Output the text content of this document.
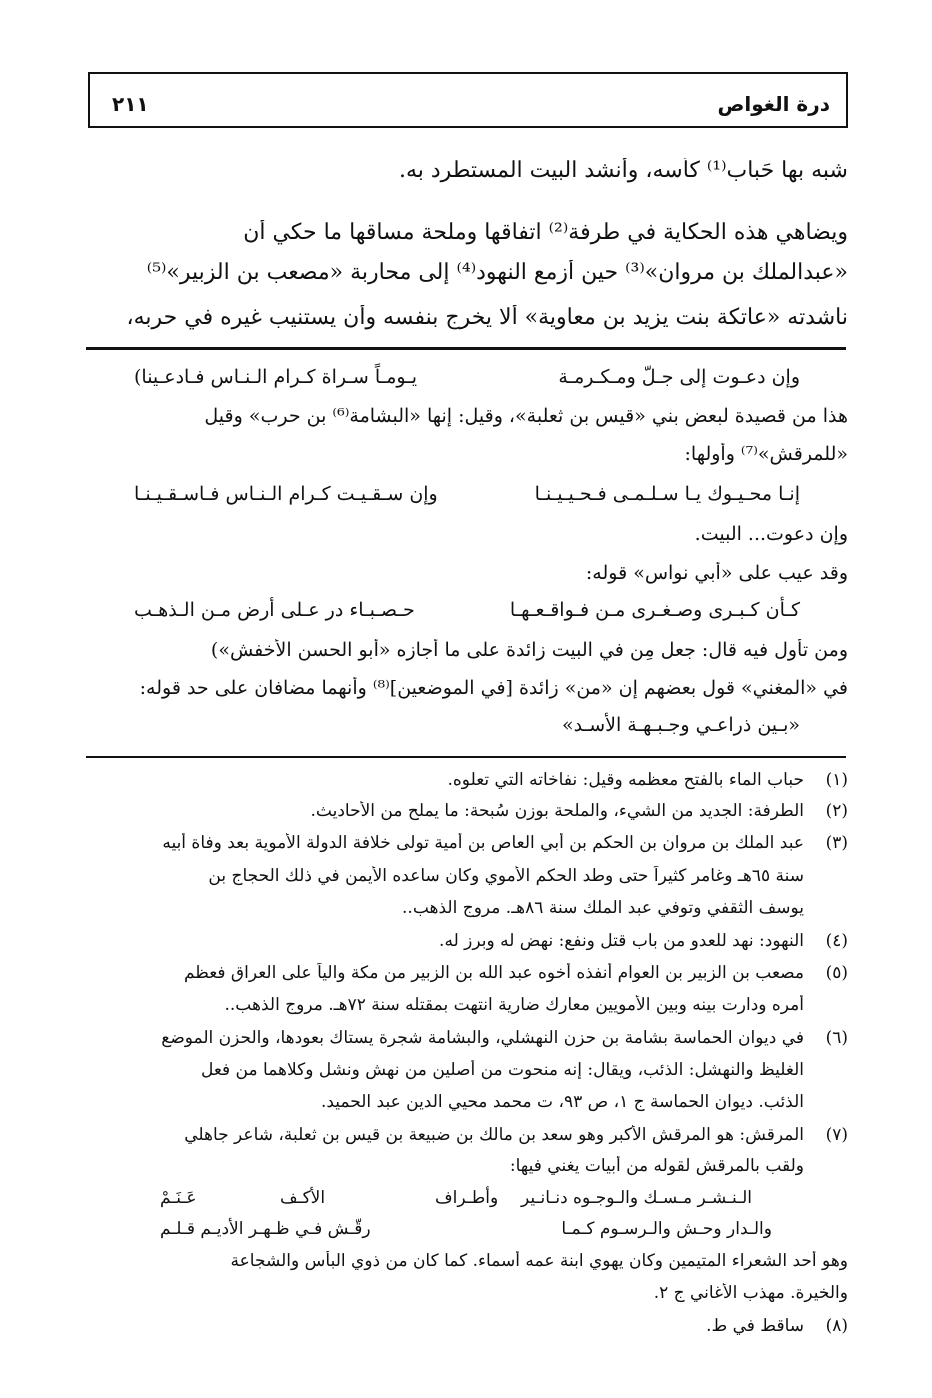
درة الغواص
٢١١
شبه بها حَباب⁽¹⁾ كأسه، وأنشد البيت المستطرد به.
ويضاهي هذه الحكاية في طرفة⁽²⁾ اتفاقها وملحة مساقها ما حكي أن
«عبدالملك بن مروان»⁽³⁾ حين أزمع النهود⁽⁴⁾ إلى محاربة «مصعب بن الزبير»⁽⁵⁾
ناشدته «عاتكة بنت يزيد بن معاوية» ألا يخرج بنفسه وأن يستنيب غيره في حربه،
وإن دعـوت إلى جـلّ ومـكـرمـة
يـومـاً سـراة كـرام الـنـاس فـادعـينا)
هذا من قصيدة لبعض بني «قيس بن ثعلبة»، وقيل: إنها «البشامة⁽⁶⁾ بن حرب» وقيل
«للمرقش»⁽⁷⁾ وأولها:
إنـا محـيـوك يـا سـلـمـى فـحـيـيـنـا
وإن سـقـيـت كـرام الـنـاس فـاسـقـيـنـا
وإن دعوت... البيت.
وقد عيب على «أبي نواس» قوله:
كـأن كـبـرى وصـغـرى مـن فـواقـعـهـا
حـصـبـاء در عـلى أرض مـن الـذهـب
ومن تأول فيه قال: جعل مِن في البيت زائدة على ما أجازه «أبو الحسن الأخفش»)
في «المغني» قول بعضهم إن «من» زائدة [في الموضعين]⁽⁸⁾ وأنهما مضافان على حد قوله:
«بـين ذراعـي وجـبـهـة الأسـد»
(١)
حباب الماء بالفتح معظمه وقيل: نفاخاته التي تعلوه.
(٢)
الطرفة: الجديد من الشيء، والملحة بوزن سُبحة: ما يملح من الأحاديث.
(٣)
عبد الملك بن مروان بن الحكم بن أبي العاص بن أمية تولى خلافة الدولة الأموية بعد وفاة أبيه
سنة ٦٥هـ وغامر كثيراً حتى وطد الحكم الأموي وكان ساعده الأيمن في ذلك الحجاج بن
يوسف الثقفي وتوفي عبد الملك سنة ٨٦هـ. مروج الذهب..
(٤)
النهود: نهد للعدو من باب قتل ونفع: نهض له وبرز له.
(٥)
مصعب بن الزبير بن العوام أنفذه أخوه عبد الله بن الزبير من مكة والياً على العراق فعظم
أمره ودارت بينه وبين الأمويين معارك ضارية انتهت بمقتله سنة ٧٢هـ. مروج الذهب..
(٦)
في ديوان الحماسة بشامة بن حزن النهشلي، والبشامة شجرة يستاك بعودها، والحزن الموضع
الغليظ والنهشل: الذئب، ويقال: إنه منحوت من أصلين من نهش ونشل وكلاهما من فعل
الذئب. ديوان الحماسة ج ١، ص ٩٣، ت محمد محيي الدين عبد الحميد.
(٧)
المرقش: هو المرقش الأكبر وهو سعد بن مالك بن ضبيعة بن قيس بن ثعلبة، شاعر جاهلي
ولقب بالمرقش لقوله من أبيات يغني فيها:
الـنـشـر مـسـك والـوجـوه دنـانـير
وأطـراف
الأكـف
عَـنَـمْ
والـدار وحـش والـرسـوم كـمـا
رقّـش فـي ظـهـر الأديـم قـلـم
وهو أحد الشعراء المتيمين وكان يهوي ابنة عمه أسماء. كما كان من ذوي البأس والشجاعة
والخيرة. مهذب الأغاني ج ٢.
(٨)
ساقط في ط.
